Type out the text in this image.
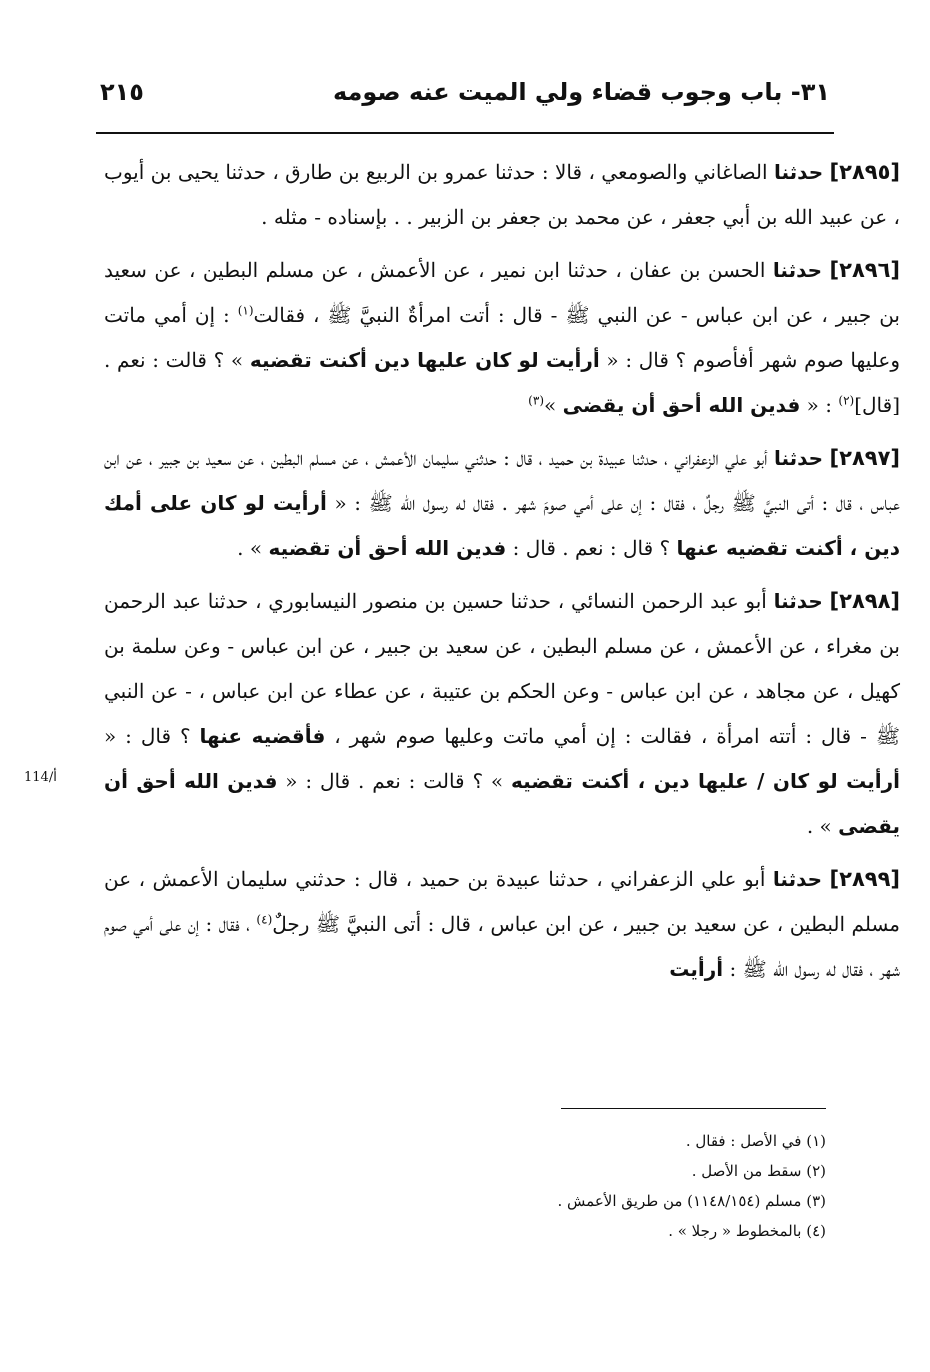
٣١- باب وجوب قضاء ولي الميت عنه صومه
٢١٥

[٢٨٩٥] حدثنا الصاغاني والصومعي ، قالا : حدثنا عمرو بن الربيع بن طارق ، حدثنا يحيى بن أيوب ، عن عبيد الله بن أبي جعفر ، عن محمد بن جعفر بن الزبير . . بإسناده - مثله .

[٢٨٩٦] حدثنا الحسن بن عفان ، حدثنا ابن نمير ، عن الأعمش ، عن مسلم البطين ، عن سعيد بن جبير ، عن ابن عباس - عن النبي ﷺ - قال : أتت امرأةٌ النبيَّ ﷺ ، فقالت$^{(١)}$ : إن أمي ماتت وعليها صوم شهر أفأصوم ؟ قال : « أرأيت لو كان عليها دين أكنت تقضيه » ؟ قالت : نعم . [قال]$^{(٢)}$ : « فدين الله أحق أن يقضى »$^{(٣)}$

[٢٨٩٧] حدثنا أبو علي الزعفراني ، حدثنا عبيدة بن حميد ، قال : حدثني سليمان الأعمش ، عن مسلم البطين ، عن سعيد بن جبير ، عن ابن عباس ، قال : أتى النبيَّ ﷺ رجلٌ ، فقال : إن على أمي صومَ شهر . فقال له رسول الله ﷺ : « أرأيت لو كان على أمك دين ، أكنت تقضيه عنها ؟ قال : نعم . قال : فدين الله أحق أن تقضيه » .

114/أ
[٢٨٩٨] حدثنا أبو عبد الرحمن النسائي ، حدثنا حسين بن منصور النيسابوري ، حدثنا عبد الرحمن بن مغراء ، عن الأعمش ، عن مسلم البطين ، عن سعيد بن جبير ، عن ابن عباس - وعن سلمة بن كهيل ، عن مجاهد ، عن ابن عباس - وعن الحكم بن عتيبة ، عن عطاء عن ابن عباس ، - عن النبي ﷺ - قال : أتته امرأة ، فقالت : إن أمي ماتت وعليها صوم شهر ، فأقضيه عنها ؟ قال : « أرأيت لو كان / عليها دين ، أكنت تقضيه » ؟ قالت : نعم . قال : « فدين الله أحق أن يقضى » .

[٢٨٩٩] حدثنا أبو علي الزعفراني ، حدثنا عبيدة بن حميد ، قال : حدثني سليمان الأعمش ، عن مسلم البطين ، عن سعيد بن جبير ، عن ابن عباس ، قال : أتى النبيَّ ﷺ رجلٌ$^{(٤)}$ ، فقال : إن على أمي صوم شهر ، فقال له رسول الله ﷺ : أرأيت

(١) في الأصل : فقال .
(٢) سقط من الأصل .
(٣) مسلم (١١٤٨/١٥٤) من طريق الأعمش .
(٤) بالمخطوط « رجلا » .
